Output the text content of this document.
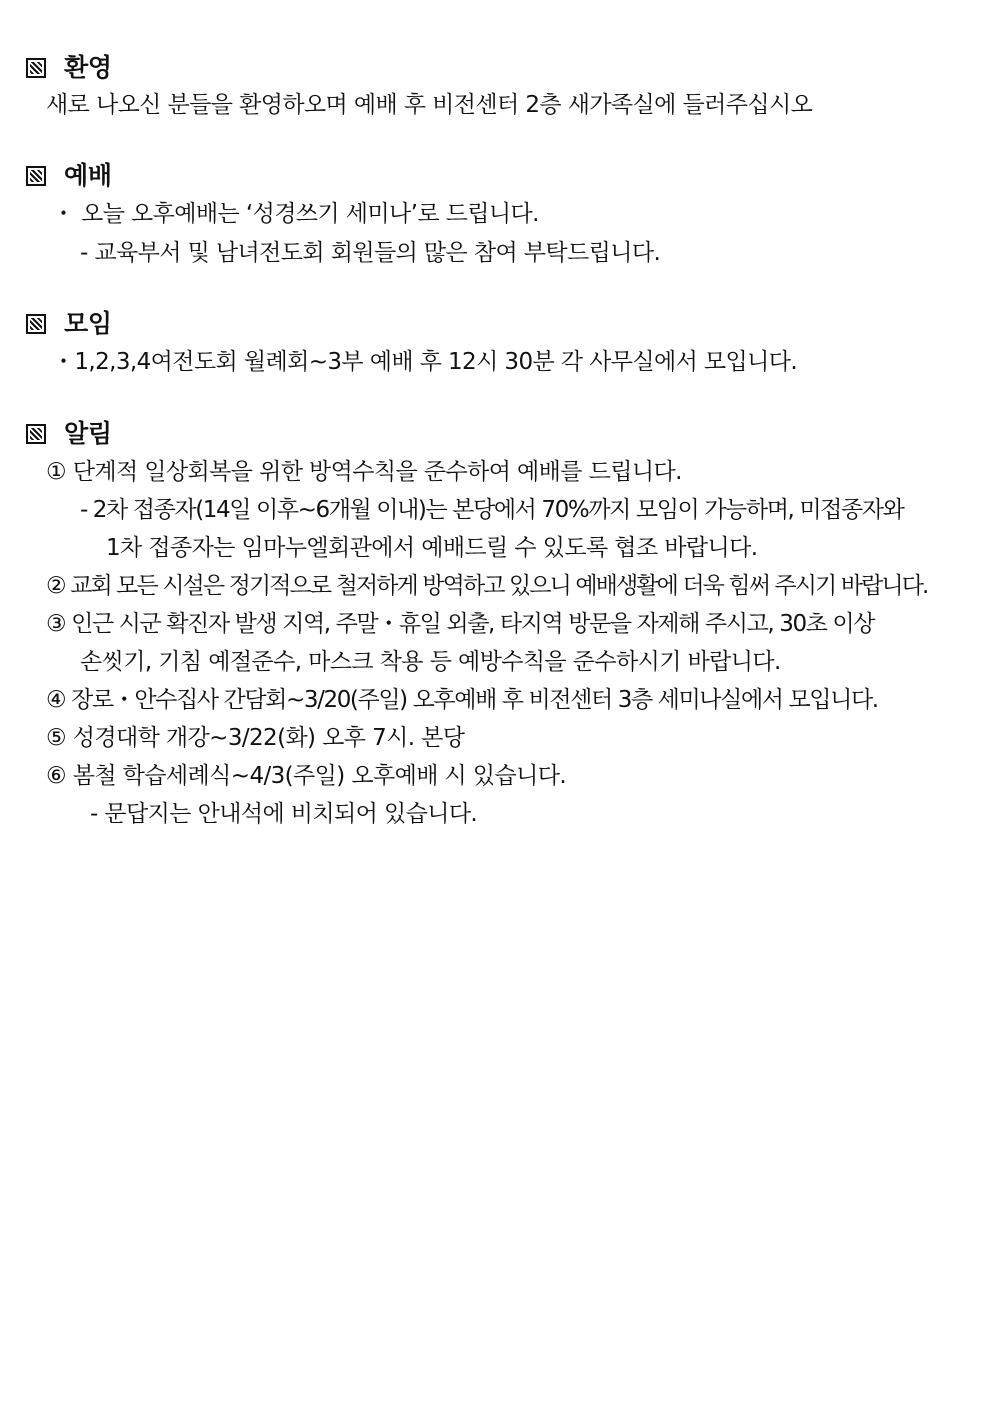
환영
새로 나오신 분들을 환영하오며 예배 후 비전센터 2층 새가족실에 들러주십시오
예배
・ 오늘 오후예배는 ‘성경쓰기 세미나’로 드립니다.
- 교육부서 및 남녀전도회 회원들의 많은 참여 부탁드립니다.
모임
・1,2,3,4여전도회 월례회~3부 예배 후 12시 30분 각 사무실에서 모입니다.
알림
① 단계적 일상회복을 위한 방역수칙을 준수하여 예배를 드립니다.
- 2차 접종자(14일 이후~6개월 이내)는 본당에서 70%까지 모임이 가능하며, 미접종자와
1차 접종자는 임마누엘회관에서 예배드릴 수 있도록 협조 바랍니다.
② 교회 모든 시설은 정기적으로 철저하게 방역하고 있으니 예배생활에 더욱 힘써 주시기 바랍니다.
③ 인근 시군 확진자 발생 지역, 주말・휴일 외출, 타지역 방문을 자제해 주시고, 30초 이상
손씻기, 기침 예절준수, 마스크 착용 등 예방수칙을 준수하시기 바랍니다.
④ 장로・안수집사 간담회~3/20(주일) 오후예배 후 비전센터 3층 세미나실에서 모입니다.
⑤ 성경대학 개강~3/22(화) 오후 7시. 본당
⑥ 봄철 학습세례식~4/3(주일) 오후예배 시 있습니다.
- 문답지는 안내석에 비치되어 있습니다.
